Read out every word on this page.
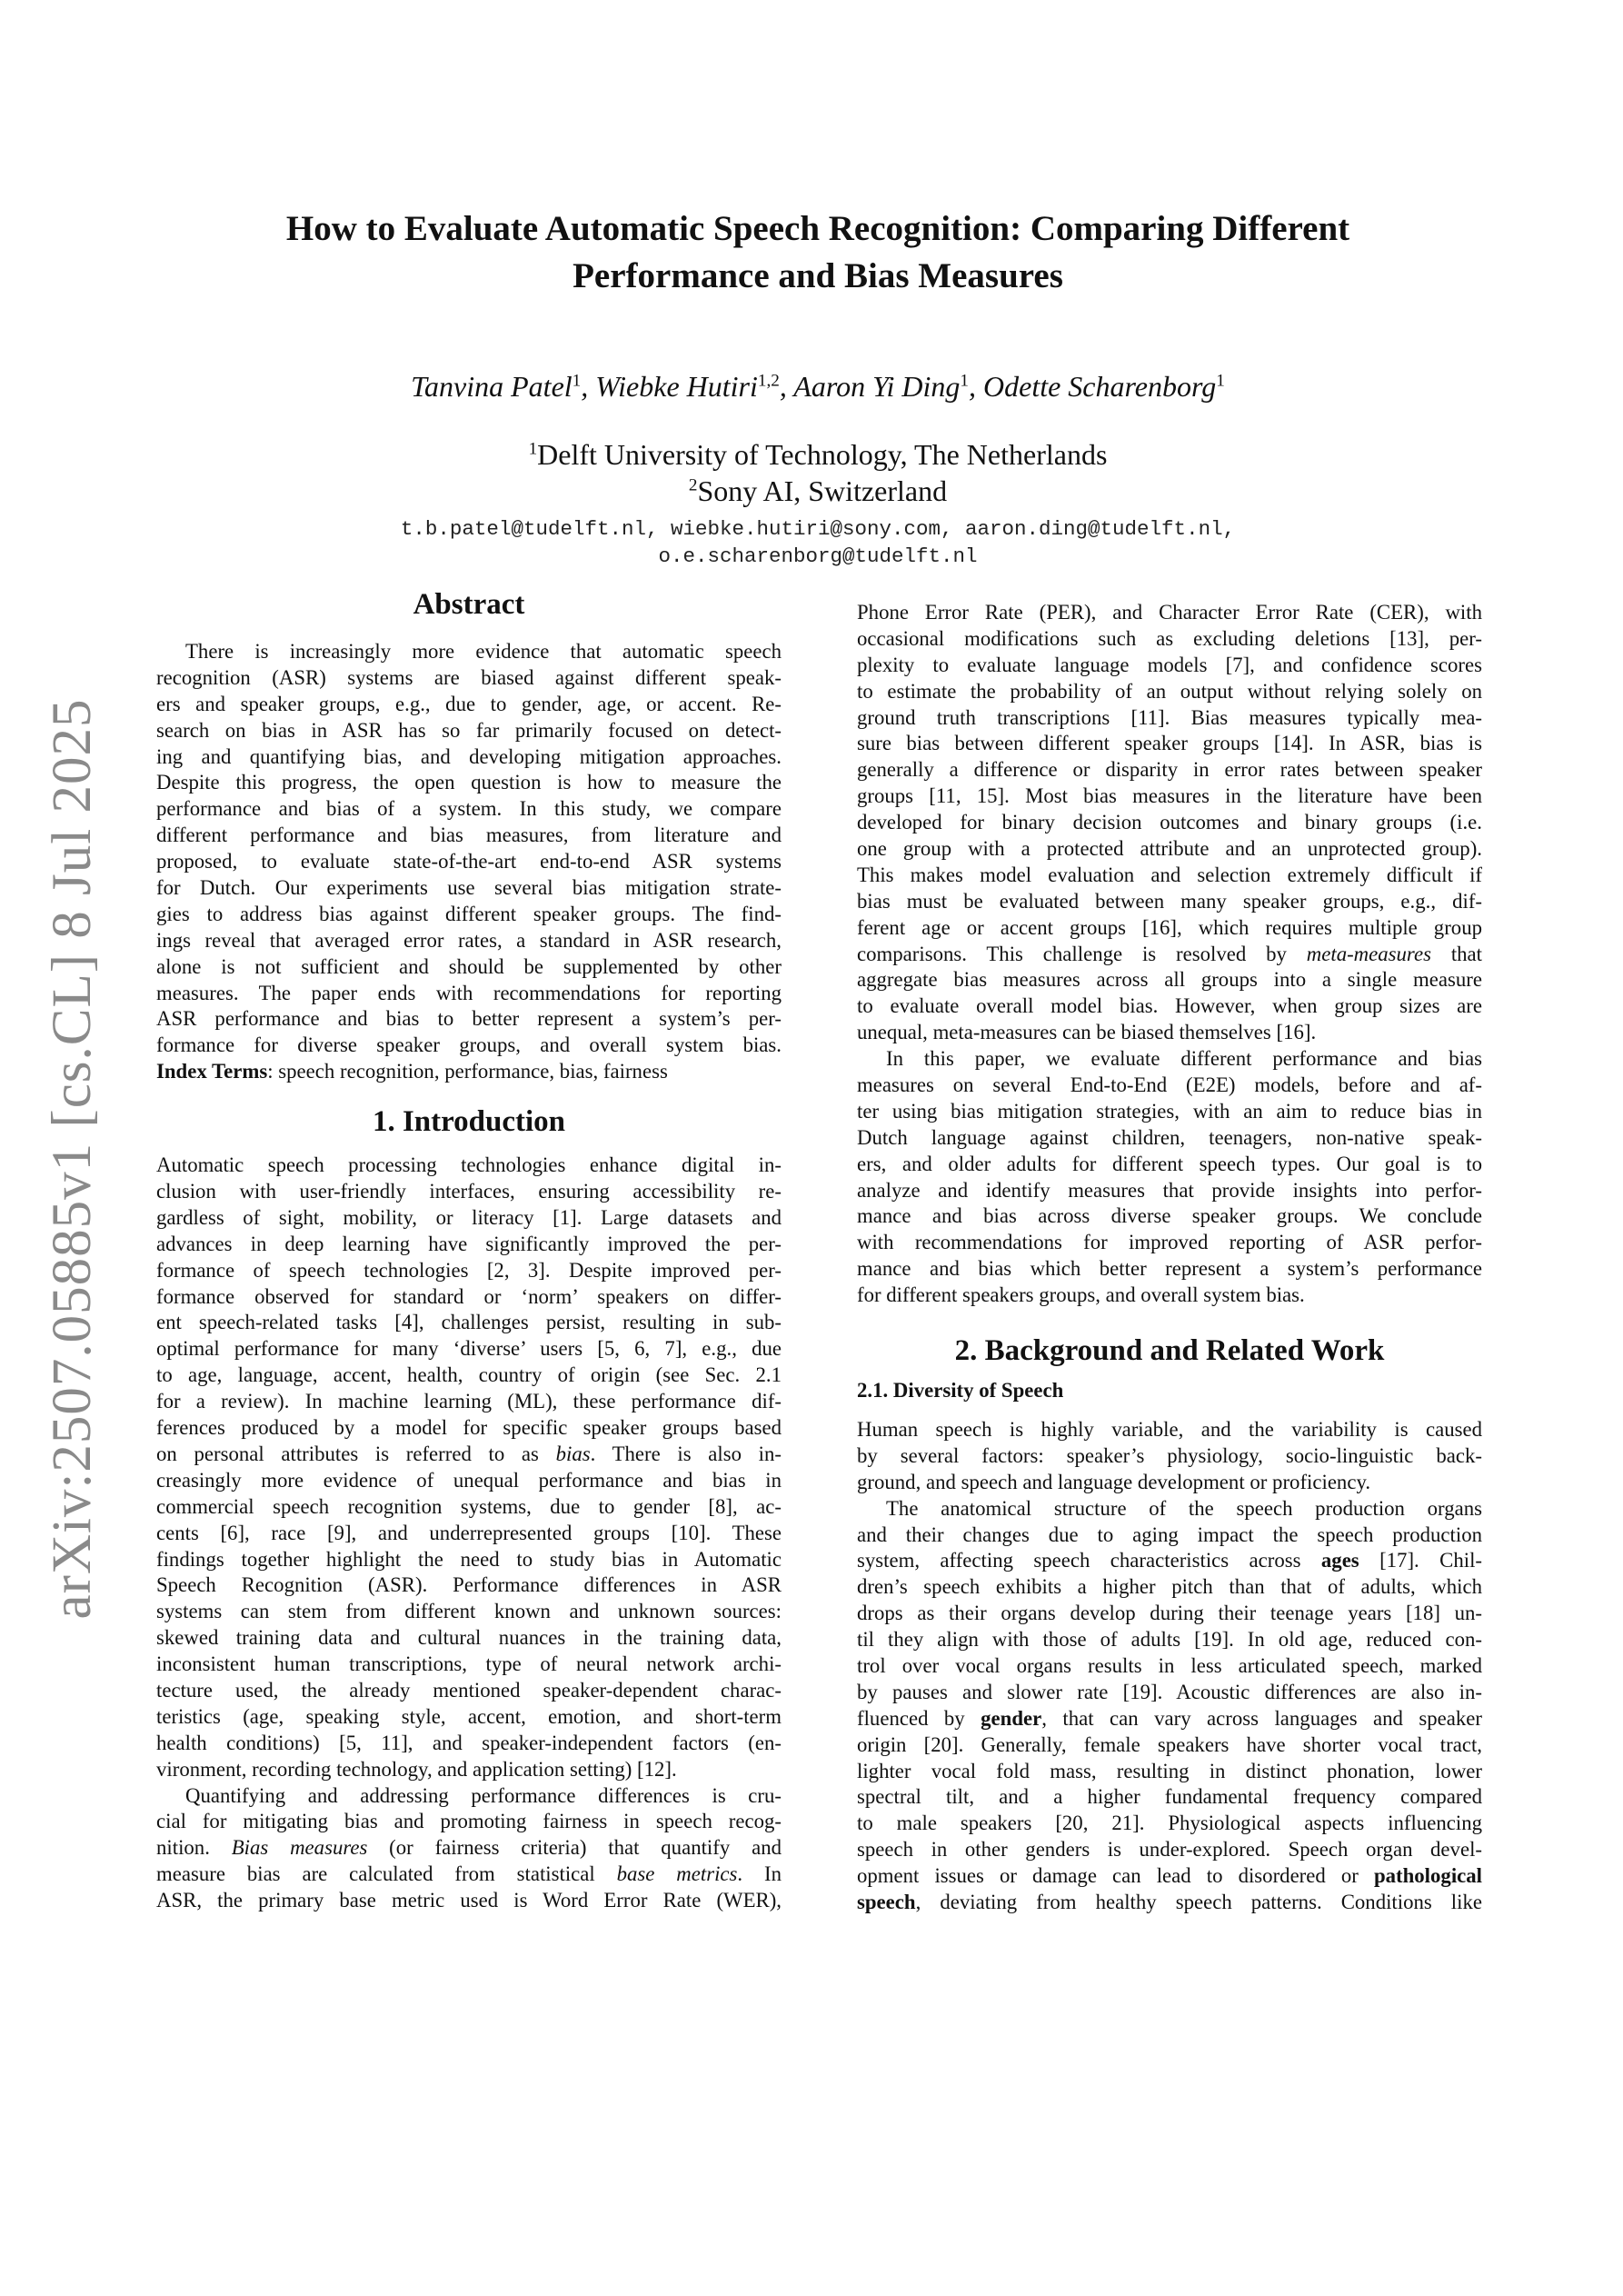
arXiv:2507.05885v1 [cs.CL] 8 Jul 2025
How to Evaluate Automatic Speech Recognition: Comparing Different
Performance and Bias Measures
Tanvina Patel$^1$, Wiebke Hutiri$^{1,2}$, Aaron Yi Ding$^1$, Odette Scharenborg$^1$
$^1$Delft University of Technology, The Netherlands
$^2$Sony AI, Switzerland
t.b.patel@tudelft.nl, wiebke.hutiri@sony.com, aaron.ding@tudelft.nl,
o.e.scharenborg@tudelft.nl
Abstract
There is increasingly more evidence that automatic speech
recognition (ASR) systems are biased against different speak-
ers and speaker groups, e.g., due to gender, age, or accent. Re-
search on bias in ASR has so far primarily focused on detect-
ing and quantifying bias, and developing mitigation approaches.
Despite this progress, the open question is how to measure the
performance and bias of a system. In this study, we compare
different performance and bias measures, from literature and
proposed, to evaluate state-of-the-art end-to-end ASR systems
for Dutch. Our experiments use several bias mitigation strate-
gies to address bias against different speaker groups. The find-
ings reveal that averaged error rates, a standard in ASR research,
alone is not sufficient and should be supplemented by other
measures. The paper ends with recommendations for reporting
ASR performance and bias to better represent a system’s per-
formance for diverse speaker groups, and overall system bias.
Index Terms: speech recognition, performance, bias, fairness
1. Introduction
Automatic speech processing technologies enhance digital in-
clusion with user-friendly interfaces, ensuring accessibility re-
gardless of sight, mobility, or literacy [1]. Large datasets and
advances in deep learning have significantly improved the per-
formance of speech technologies [2, 3]. Despite improved per-
formance observed for standard or ‘norm’ speakers on differ-
ent speech-related tasks [4], challenges persist, resulting in sub-
optimal performance for many ‘diverse’ users [5, 6, 7], e.g., due
to age, language, accent, health, country of origin (see Sec. 2.1
for a review). In machine learning (ML), these performance dif-
ferences produced by a model for specific speaker groups based
on personal attributes is referred to as bias. There is also in-
creasingly more evidence of unequal performance and bias in
commercial speech recognition systems, due to gender [8], ac-
cents [6], race [9], and underrepresented groups [10]. These
findings together highlight the need to study bias in Automatic
Speech Recognition (ASR). Performance differences in ASR
systems can stem from different known and unknown sources:
skewed training data and cultural nuances in the training data,
inconsistent human transcriptions, type of neural network archi-
tecture used, the already mentioned speaker-dependent charac-
teristics (age, speaking style, accent, emotion, and short-term
health conditions) [5, 11], and speaker-independent factors (en-
vironment, recording technology, and application setting) [12].
Quantifying and addressing performance differences is cru-
cial for mitigating bias and promoting fairness in speech recog-
nition. Bias measures (or fairness criteria) that quantify and
measure bias are calculated from statistical base metrics. In
ASR, the primary base metric used is Word Error Rate (WER),
Phone Error Rate (PER), and Character Error Rate (CER), with
occasional modifications such as excluding deletions [13], per-
plexity to evaluate language models [7], and confidence scores
to estimate the probability of an output without relying solely on
ground truth transcriptions [11]. Bias measures typically mea-
sure bias between different speaker groups [14]. In ASR, bias is
generally a difference or disparity in error rates between speaker
groups [11, 15]. Most bias measures in the literature have been
developed for binary decision outcomes and binary groups (i.e.
one group with a protected attribute and an unprotected group).
This makes model evaluation and selection extremely difficult if
bias must be evaluated between many speaker groups, e.g., dif-
ferent age or accent groups [16], which requires multiple group
comparisons. This challenge is resolved by meta-measures that
aggregate bias measures across all groups into a single measure
to evaluate overall model bias. However, when group sizes are
unequal, meta-measures can be biased themselves [16].
In this paper, we evaluate different performance and bias
measures on several End-to-End (E2E) models, before and af-
ter using bias mitigation strategies, with an aim to reduce bias in
Dutch language against children, teenagers, non-native speak-
ers, and older adults for different speech types. Our goal is to
analyze and identify measures that provide insights into perfor-
mance and bias across diverse speaker groups. We conclude
with recommendations for improved reporting of ASR perfor-
mance and bias which better represent a system’s performance
for different speakers groups, and overall system bias.
2. Background and Related Work
2.1. Diversity of Speech
Human speech is highly variable, and the variability is caused
by several factors: speaker’s physiology, socio-linguistic back-
ground, and speech and language development or proficiency.
The anatomical structure of the speech production organs
and their changes due to aging impact the speech production
system, affecting speech characteristics across ages [17]. Chil-
dren’s speech exhibits a higher pitch than that of adults, which
drops as their organs develop during their teenage years [18] un-
til they align with those of adults [19]. In old age, reduced con-
trol over vocal organs results in less articulated speech, marked
by pauses and slower rate [19]. Acoustic differences are also in-
fluenced by gender, that can vary across languages and speaker
origin [20]. Generally, female speakers have shorter vocal tract,
lighter vocal fold mass, resulting in distinct phonation, lower
spectral tilt, and a higher fundamental frequency compared
to male speakers [20, 21]. Physiological aspects influencing
speech in other genders is under-explored. Speech organ devel-
opment issues or damage can lead to disordered or pathological
speech, deviating from healthy speech patterns. Conditions like
